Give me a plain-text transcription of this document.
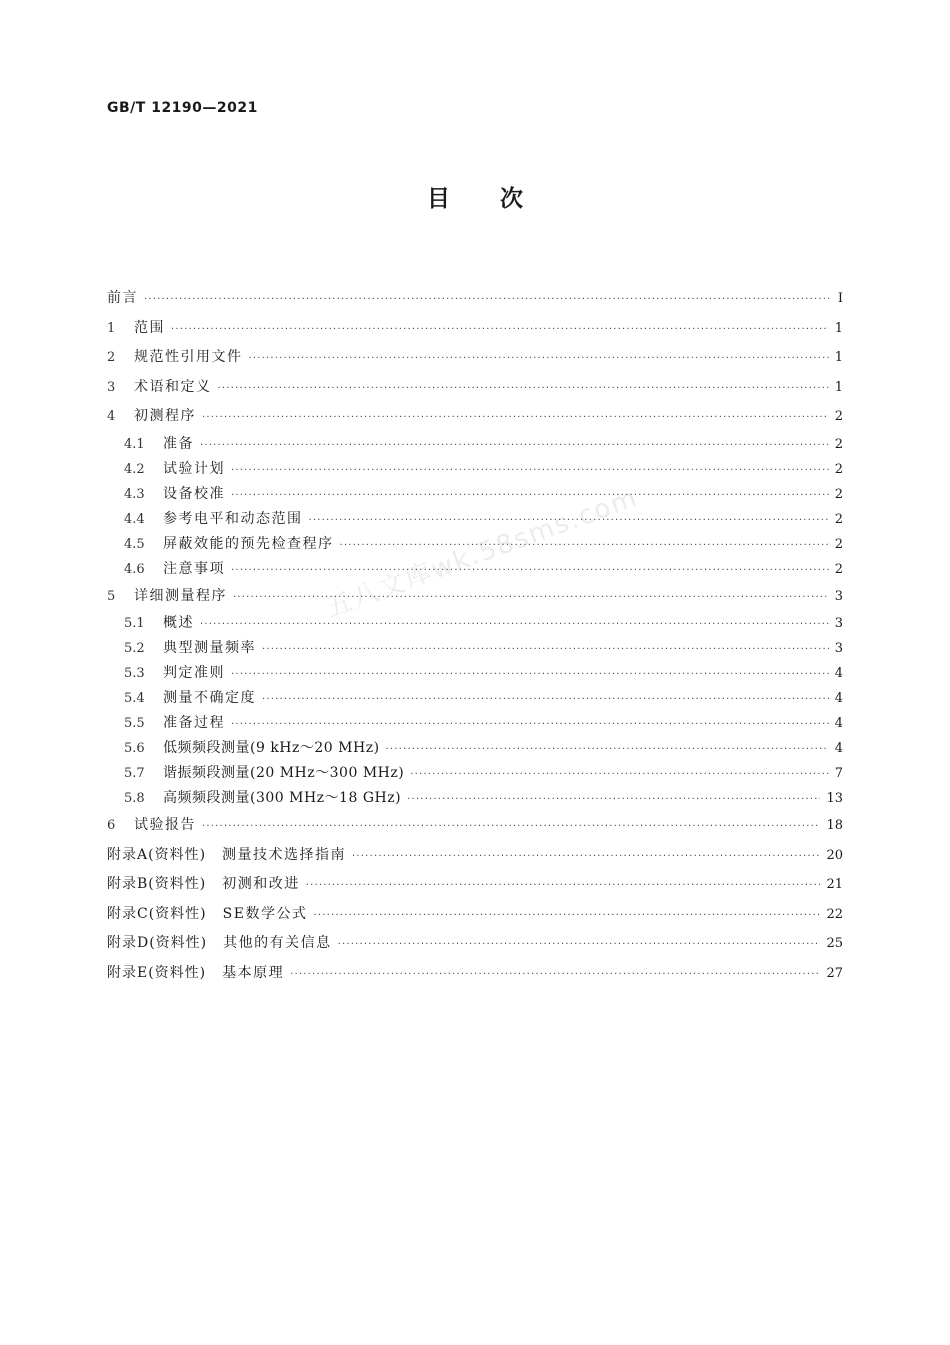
GB/T 12190—2021
目 次
五八文库wk.58sms.com
前言 ·····	Ⅰ
1	范围 ·····	1
2	规范性引用文件 ·····	1
3	术语和定义 ·····	1
4	初测程序 ·····	2
4.1	准备 ·····	2
4.2	试验计划 ·····	2
4.3	设备校准 ·····	2
4.4	参考电平和动态范围 ·····	2
4.5	屏蔽效能的预先检查程序 ·····	2
4.6	注意事项 ·····	2
5	详细测量程序 ·····	3
5.1	概述 ·····	3
5.2	典型测量频率 ·····	3
5.3	判定准则 ·····	4
5.4	测量不确定度 ·····	4
5.5	准备过程 ·····	4
5.6	低频频段测量(9 kHz～20 MHz) ·····	4
5.7	谐振频段测量(20 MHz～300 MHz) ·····	7
5.8	高频频段测量(300 MHz～18 GHz) ·····	13
6	试验报告 ·····	18
附录A(资料性) 测量技术选择指南 ·····	20
附录B(资料性) 初测和改进 ·····	21
附录C(资料性) SE数学公式 ·····	22
附录D(资料性) 其他的有关信息 ·····	25
附录E(资料性) 基本原理 ·····	27
